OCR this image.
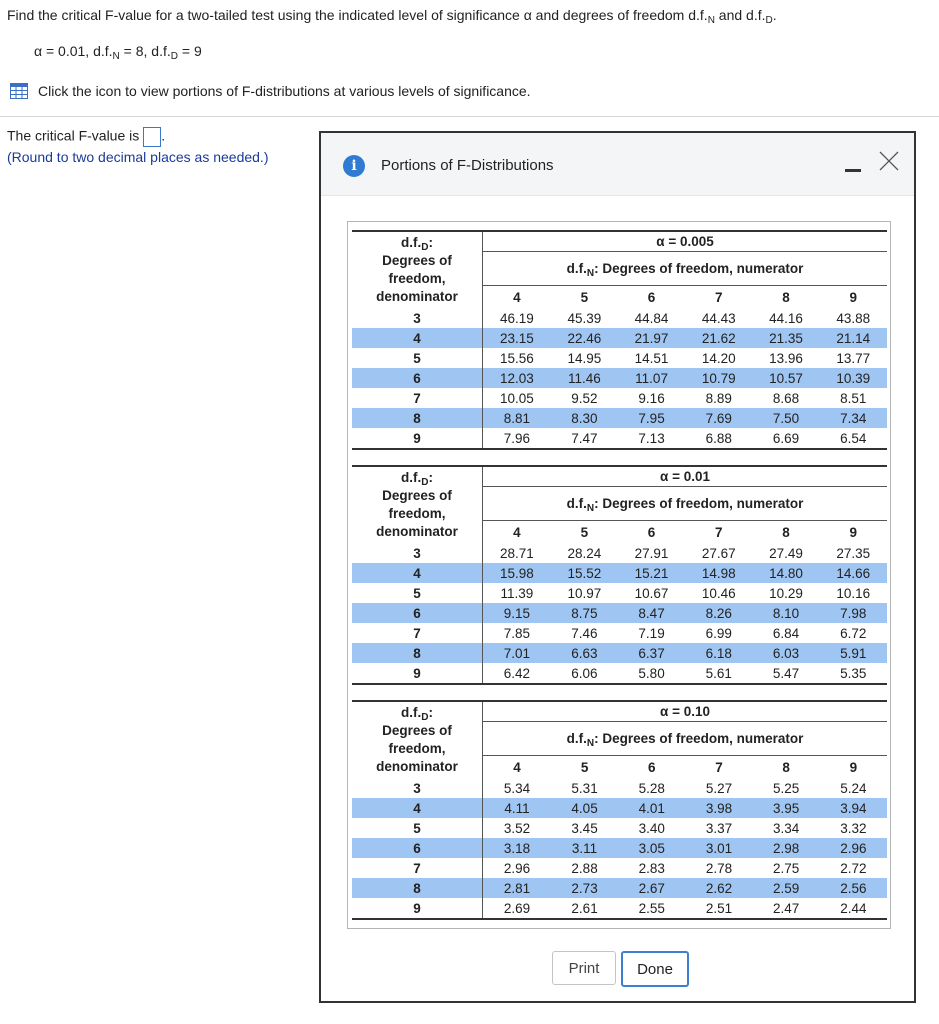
Find the critical F-value for a two-tailed test using the indicated level of significance α and degrees of freedom $d.f._N$ and $d.f._D$.
α = 0.01, $d.f._N = 8$, $d.f._D = 9$
Click the icon to view portions of F-distributions at various levels of significance.
The critical F-value is .
(Round to two decimal places as needed.)
i	Portions of F-Distributions
$d.f._D$:
Degrees of
freedom,
denominator	α = 0.005					
	$d.f._N$: Degrees of freedom, numerator					
	4	5	6	7	8	9
3	46.19	45.39	44.84	44.43	44.16	43.88
4	23.15	22.46	21.97	21.62	21.35	21.14
5	15.56	14.95	14.51	14.20	13.96	13.77
6	12.03	11.46	11.07	10.79	10.57	10.39
7	10.05	9.52	9.16	8.89	8.68	8.51
8	8.81	8.30	7.95	7.69	7.50	7.34
9	7.96	7.47	7.13	6.88	6.69	6.54
$d.f._D$:
Degrees of
freedom,
denominator	α = 0.01					
	$d.f._N$: Degrees of freedom, numerator					
	4	5	6	7	8	9
3	28.71	28.24	27.91	27.67	27.49	27.35
4	15.98	15.52	15.21	14.98	14.80	14.66
5	11.39	10.97	10.67	10.46	10.29	10.16
6	9.15	8.75	8.47	8.26	8.10	7.98
7	7.85	7.46	7.19	6.99	6.84	6.72
8	7.01	6.63	6.37	6.18	6.03	5.91
9	6.42	6.06	5.80	5.61	5.47	5.35
$d.f._D$:
Degrees of
freedom,
denominator	α = 0.10					
	$d.f._N$: Degrees of freedom, numerator					
	4	5	6	7	8	9
3	5.34	5.31	5.28	5.27	5.25	5.24
4	4.11	4.05	4.01	3.98	3.95	3.94
5	3.52	3.45	3.40	3.37	3.34	3.32
6	3.18	3.11	3.05	3.01	2.98	2.96
7	2.96	2.88	2.83	2.78	2.75	2.72
8	2.81	2.73	2.67	2.62	2.59	2.56
9	2.69	2.61	2.55	2.51	2.47	2.44
Print	Done
